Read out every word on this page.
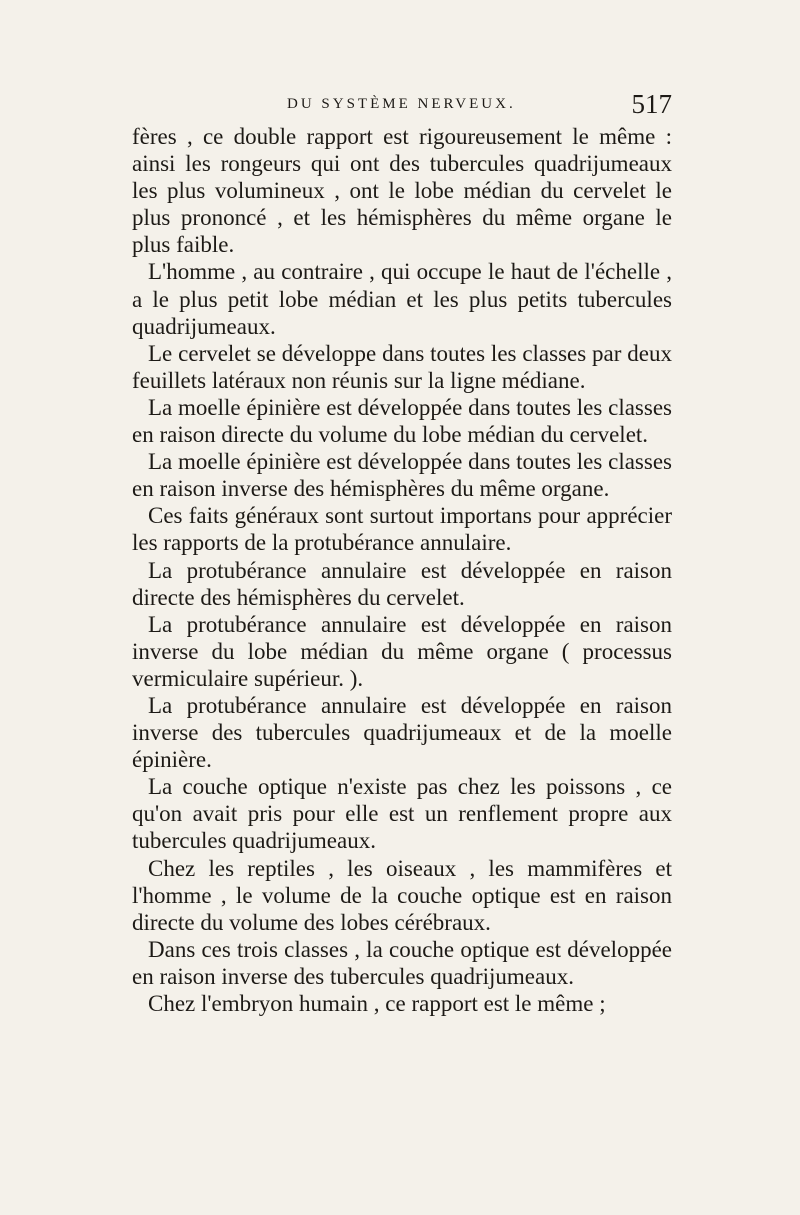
DU SYSTÈME NERVEUX.	517

fères , ce double rapport est rigoureusement le même : ainsi les rongeurs qui ont des tubercules quadrijumeaux les plus volumineux , ont le lobe médian du cervelet le plus prononcé , et les hémisphères du même organe le plus faible.

L'homme , au contraire , qui occupe le haut de l'échelle , a le plus petit lobe médian et les plus petits tubercules quadrijumeaux.

Le cervelet se développe dans toutes les classes par deux feuillets latéraux non réunis sur la ligne médiane.

La moelle épinière est développée dans toutes les classes en raison directe du volume du lobe médian du cervelet.

La moelle épinière est développée dans toutes les classes en raison inverse des hémisphères du même organe.

Ces faits généraux sont surtout importans pour apprécier les rapports de la protubérance annulaire.

La protubérance annulaire est développée en raison directe des hémisphères du cervelet.

La protubérance annulaire est développée en raison inverse du lobe médian du même organe ( processus vermiculaire supérieur. ).

La protubérance annulaire est développée en raison inverse des tubercules quadrijumeaux et de la moelle épinière.

La couche optique n'existe pas chez les poissons , ce qu'on avait pris pour elle est un renflement propre aux tubercules quadrijumeaux.

Chez les reptiles , les oiseaux , les mammifères et l'homme , le volume de la couche optique est en raison directe du volume des lobes cérébraux.

Dans ces trois classes , la couche optique est développée en raison inverse des tubercules quadrijumeaux.

Chez l'embryon humain , ce rapport est le même ;
